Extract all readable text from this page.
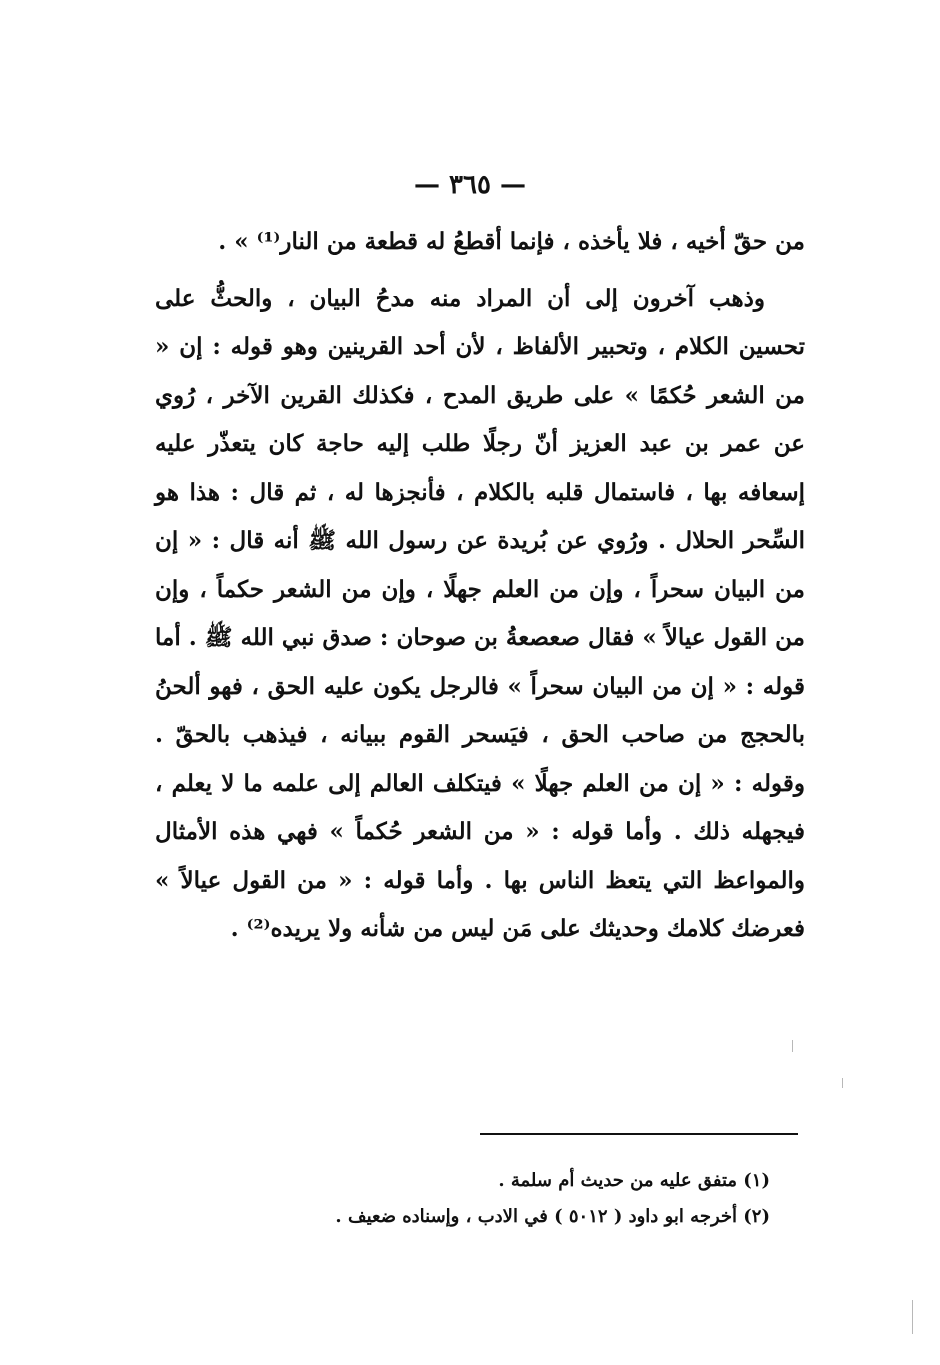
— ٣٦٥ —

من حقّ أخيه ، فلا يأخذه ، فإنما أقطعُ له قطعة من النار⁽¹⁾ » .

وذهب آخرون إلى أن المراد منه مدحُ البيان ، والحثُّ على تحسين الكلام ، وتحبير الألفاظ ، لأن أحد القرينين وهو قوله : إن « من الشعر حُكمًا » على طريق المدح ، فكذلك القرين الآخر ، رُوي عن عمر بن عبد العزيز أنّ رجلًا طلب إليه حاجة كان يتعذّر عليه إسعافه بها ، فاستمال قلبه بالكلام ، فأنجزها له ، ثم قال : هذا هو السِّحر الحلال . ورُوي عن بُريدة عن رسول الله ﷺ أنه قال : « إن من البيان سحراً ، وإن من العلم جهلًا ، وإن من الشعر حكماً ، وإن من القول عيالاً » فقال صعصعةُ بن صوحان : صدق نبي الله ﷺ . أما قوله : « إن من البيان سحراً » فالرجل يكون عليه الحق ، فهو ألحنُ بالحجج من صاحب الحق ، فيَسحر القوم ببيانه ، فيذهب بالحقّ . وقوله : « إن من العلم جهلًا » فيتكلف العالم إلى علمه ما لا يعلم ، فيجهله ذلك . وأما قوله : « من الشعر حُكماً » فهي هذه الأمثال والمواعظ التي يتعظ الناس بها . وأما قوله : « من القول عيالاً » فعرضك كلامك وحديثك على مَن ليس من شأنه ولا يريده⁽²⁾ .

(١) متفق عليه من حديث أم سلمة .

(٢) أخرجه ابو داود ( ٥٠١٢ ) في الادب ، وإسناده ضعيف .
